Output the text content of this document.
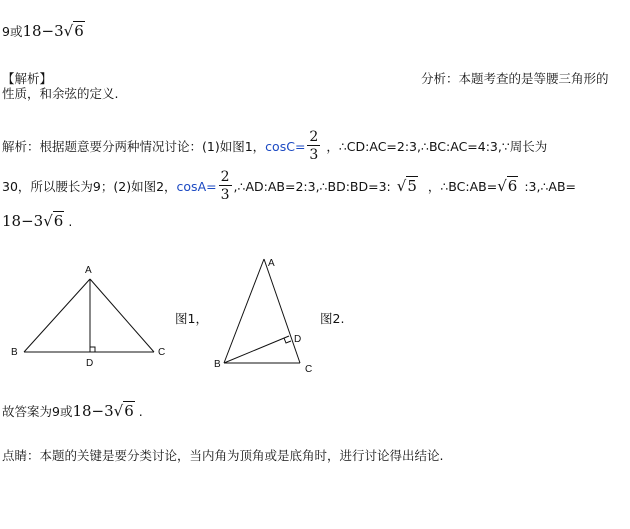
9或18−3√6
【解析】	分析：本题考查的是等腰三角形的
性质，和余弦的定义.
解析：根据题意要分两种情况讨论：(1)如图1， $\cos C = \frac{2}{3}$ ，∴CD:AC=2:3,∴BC:AC=4:3,∵周长为
30，所以腰长为9；(2)如图2， $\cos A = \frac{2}{3}$ ,∴AD:AB=2:3,∴BD:BD=3: √5 ，∴BC:AB= √6 :3,∴AB=
18−3√6 .
A
B	C
D
A
B	C
D
图1，	图2.
故答案为9或18−3√6 .
点睛：本题的关键是要分类讨论，当内角为顶角或是底角时，进行讨论得出结论.
